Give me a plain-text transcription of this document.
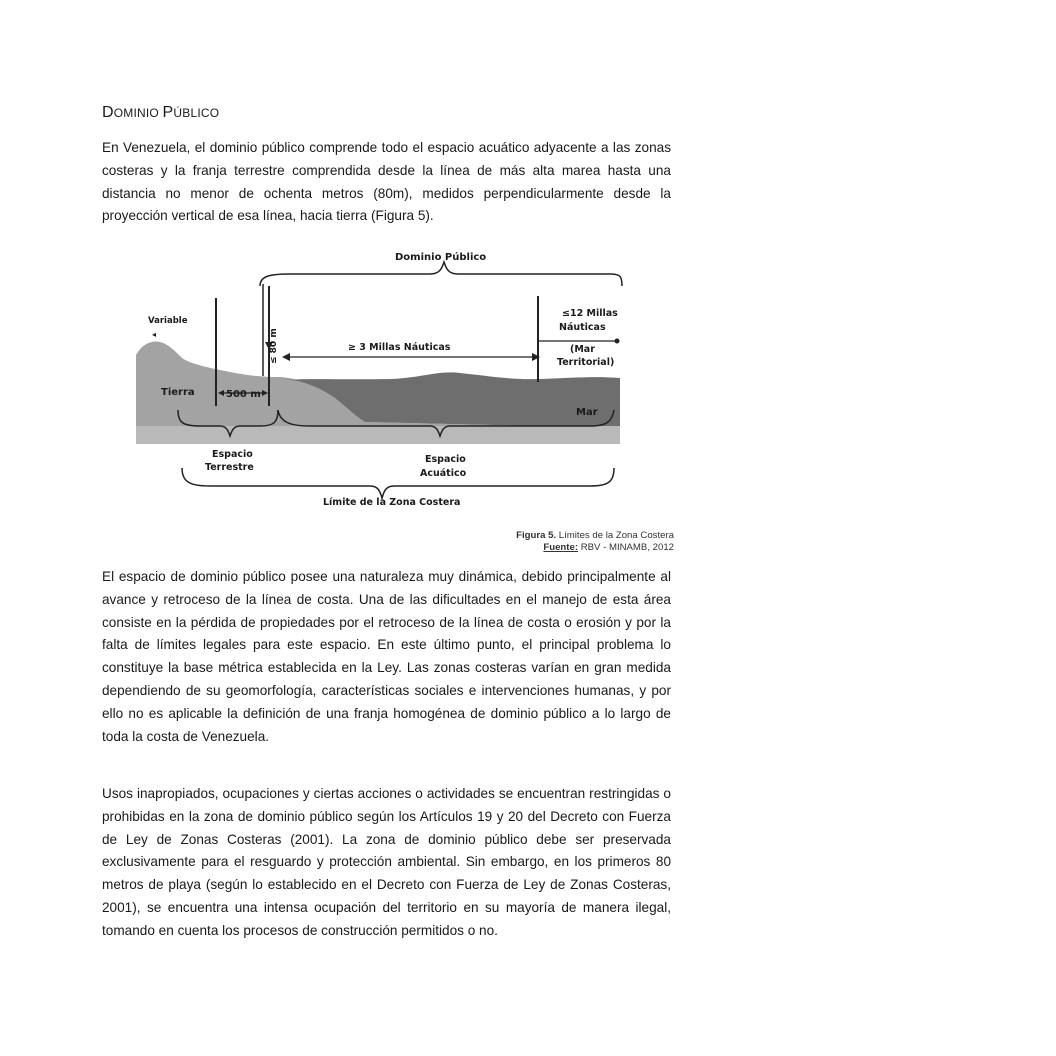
DOMINIO PÚBLICO

En Venezuela, el dominio público comprende todo el espacio acuático adyacente a las zonas costeras y la franja terrestre comprendida desde la línea de más alta marea hasta una distancia no menor de ochenta metros (80m), medidos perpendicularmente desde la proyección vertical de esa línea, hacia tierra (Figura 5).

Dominio Público
Variable
◂	≤ 80 m	≥ 3 Millas Náuticas
≤12 Millas
Náuticas
(Mar
Territorial)
Tierra	500 m
Mar
Espacio
Terrestre
Espacio
Acuático
Límite de la Zona Costera
Figura 5. Límites de la Zona Costera
Fuente: RBV - MINAMB, 2012

El espacio de dominio público posee una naturaleza muy dinámica, debido principalmente al avance y retroceso de la línea de costa. Una de las dificultades en el manejo de esta área consiste en la pérdida de propiedades por el retroceso de la línea de costa o erosión y por la falta de límites legales para este espacio. En este último punto, el principal problema lo constituye la base métrica establecida en la Ley. Las zonas costeras varían en gran medida dependiendo de su geomorfología, características sociales e intervenciones humanas, y por ello no es aplicable la definición de una franja homogénea de dominio público a lo largo de toda la costa de Venezuela.

Usos inapropiados, ocupaciones y ciertas acciones o actividades se encuentran restringidas o prohibidas en la zona de dominio público según los Artículos 19 y 20 del Decreto con Fuerza de Ley de Zonas Costeras (2001). La zona de dominio público debe ser preservada exclusivamente para el resguardo y protección ambiental. Sin embargo, en los primeros 80 metros de playa (según lo establecido en el Decreto con Fuerza de Ley de Zonas Costeras, 2001), se encuentra una intensa ocupación del territorio en su mayoría de manera ilegal, tomando en cuenta los procesos de construcción permitidos o no.
